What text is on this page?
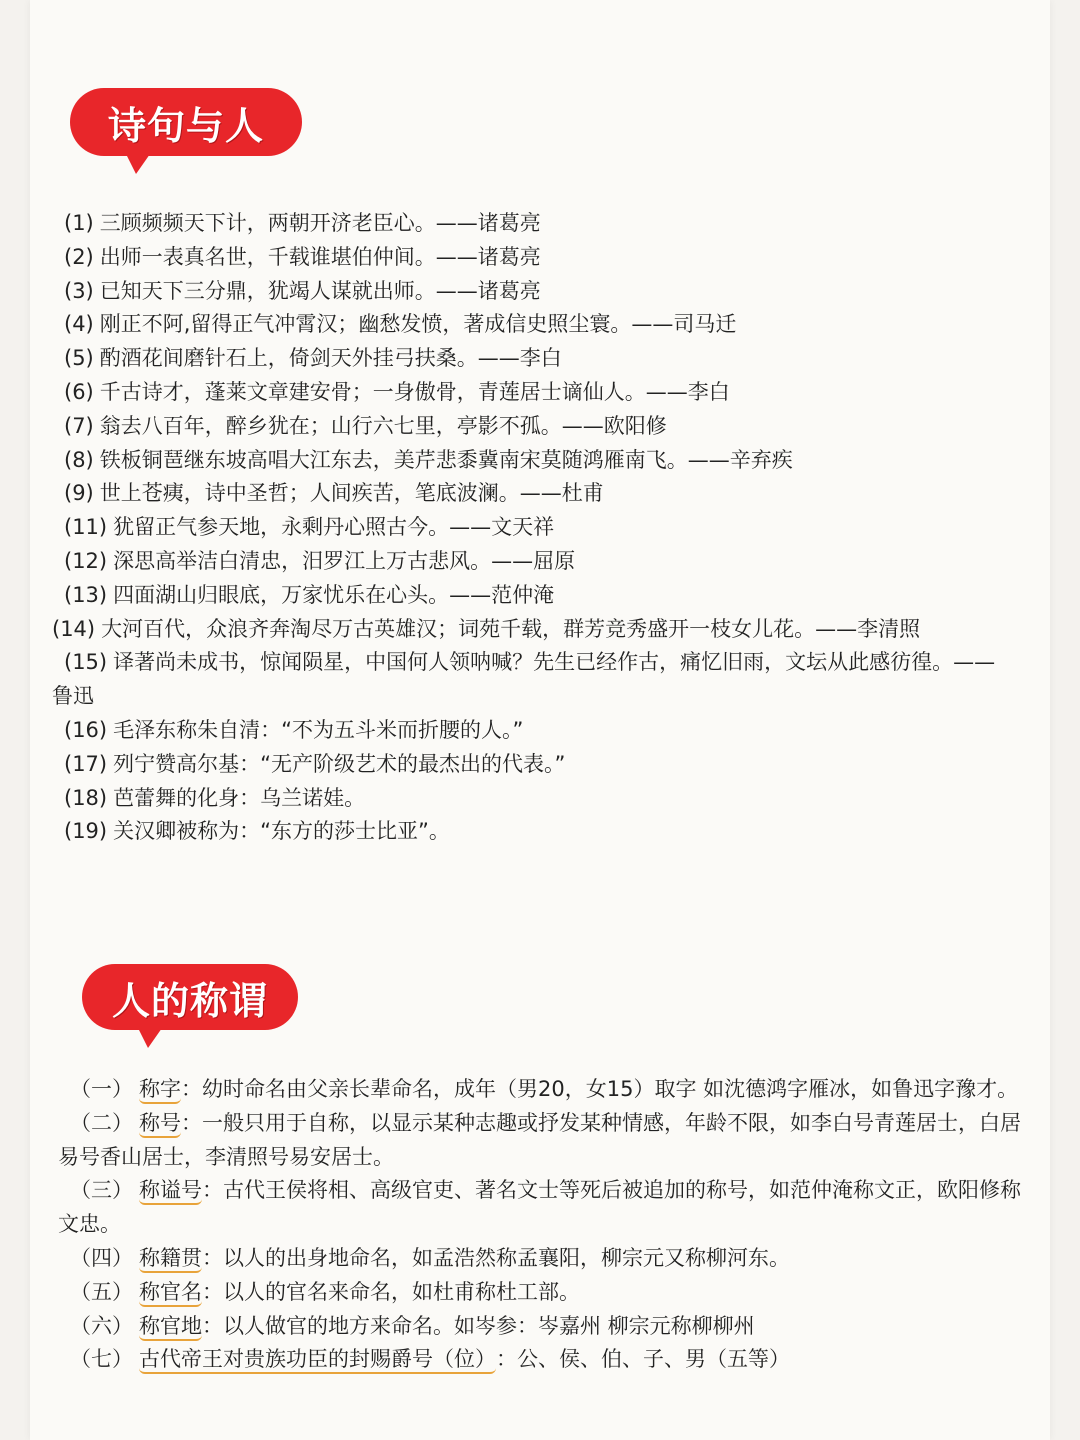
诗句与人
(1) 三顾频频天下计，两朝开济老臣心。——诸葛亮
(2) 出师一表真名世，千载谁堪伯仲间。——诸葛亮
(3) 已知天下三分鼎，犹竭人谋就出师。——诸葛亮
(4) 刚正不阿,留得正气冲霄汉；幽愁发愤，著成信史照尘寰。——司马迁
(5) 酌酒花间磨针石上，倚剑天外挂弓扶桑。——李白
(6) 千古诗才，蓬莱文章建安骨；一身傲骨，青莲居士谪仙人。——李白
(7) 翁去八百年，醉乡犹在；山行六七里，亭影不孤。——欧阳修
(8) 铁板铜琶继东坡高唱大江东去，美芹悲黍冀南宋莫随鸿雁南飞。——辛弃疾
(9) 世上苍痍，诗中圣哲；人间疾苦，笔底波澜。——杜甫
(11) 犹留正气参天地，永剩丹心照古今。——文天祥
(12) 深思高举洁白清忠，汨罗江上万古悲风。——屈原
(13) 四面湖山归眼底，万家忧乐在心头。——范仲淹
(14) 大河百代，众浪齐奔淘尽万古英雄汉；词苑千载，群芳竞秀盛开一枝女儿花。——李清照
(15) 译著尚未成书，惊闻陨星，中国何人领呐喊？先生已经作古，痛忆旧雨，文坛从此感彷徨。——鲁迅
(16) 毛泽东称朱自清：“不为五斗米而折腰的人。”
(17) 列宁赞高尔基：“无产阶级艺术的最杰出的代表。”
(18) 芭蕾舞的化身：乌兰诺娃。
(19) 关汉卿被称为：“东方的莎士比亚”。
人的称谓
（一） 称字：幼时命名由父亲长辈命名，成年（男20，女15）取字 如沈德鸿字雁冰，如鲁迅字豫才。
（二） 称号：一般只用于自称，以显示某种志趣或抒发某种情感，年龄不限，如李白号青莲居士，白居易号香山居士，李清照号易安居士。
（三） 称谥号：古代王侯将相、高级官吏、著名文士等死后被追加的称号，如范仲淹称文正，欧阳修称文忠。
（四） 称籍贯：以人的出身地命名，如孟浩然称孟襄阳，柳宗元又称柳河东。
（五） 称官名：以人的官名来命名，如杜甫称杜工部。
（六） 称官地：以人做官的地方来命名。如岑参：岑嘉州 柳宗元称柳柳州
（七） 古代帝王对贵族功臣的封赐爵号（位）：公、侯、伯、子、男（五等）
